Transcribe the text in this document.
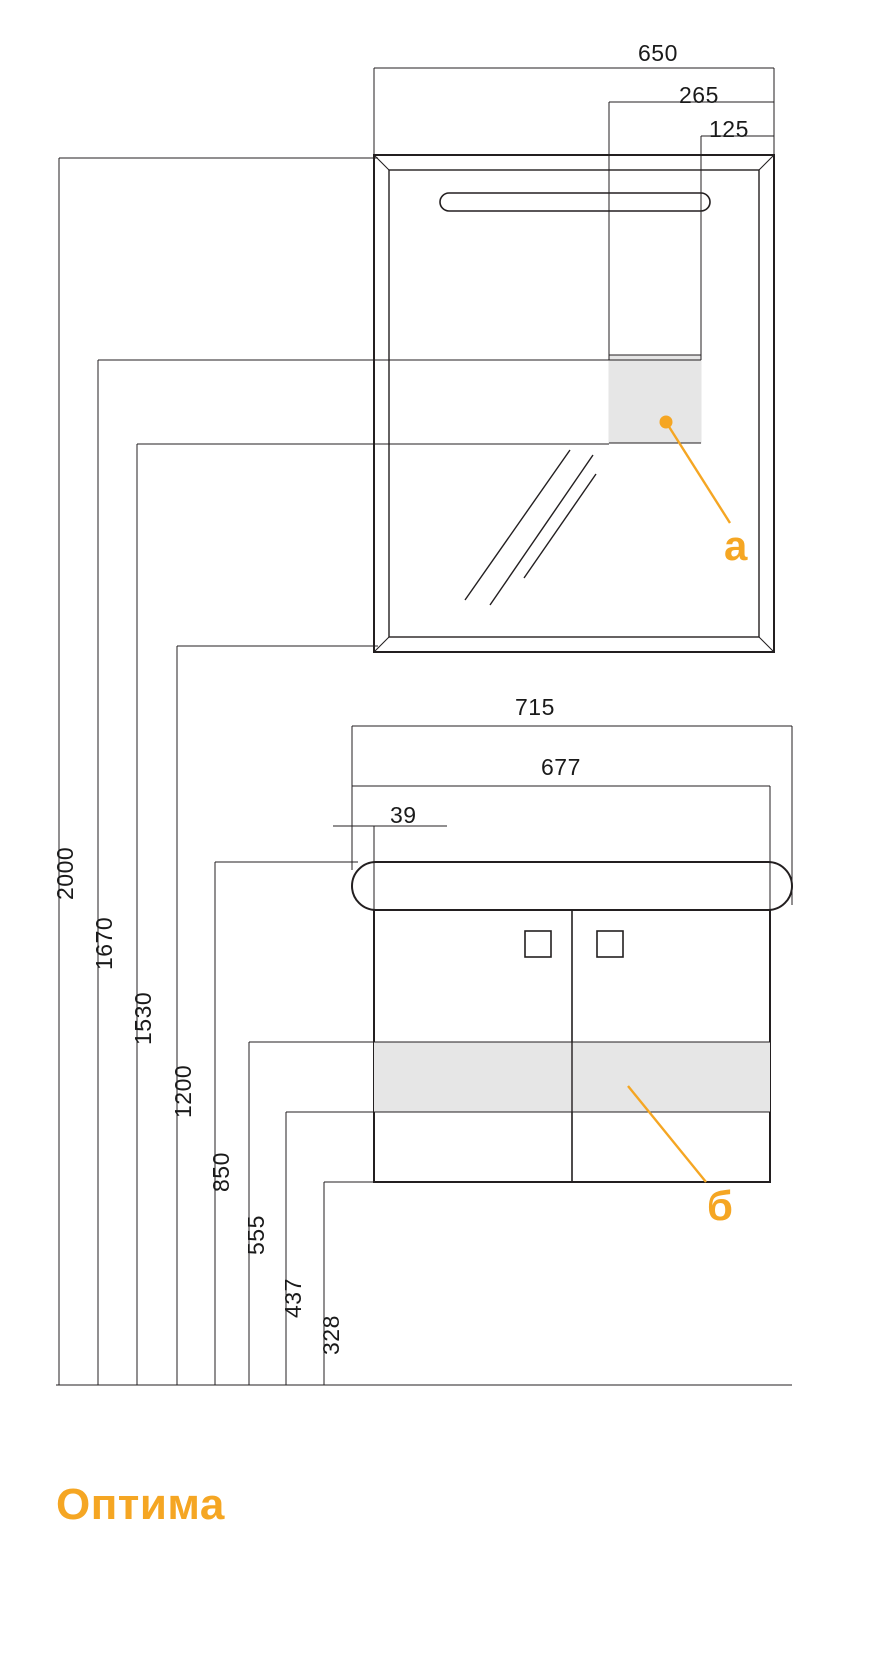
650
265
125
715
677
39
2000
1670
1530
1200
850
555
437
328
а
б
Оптима
